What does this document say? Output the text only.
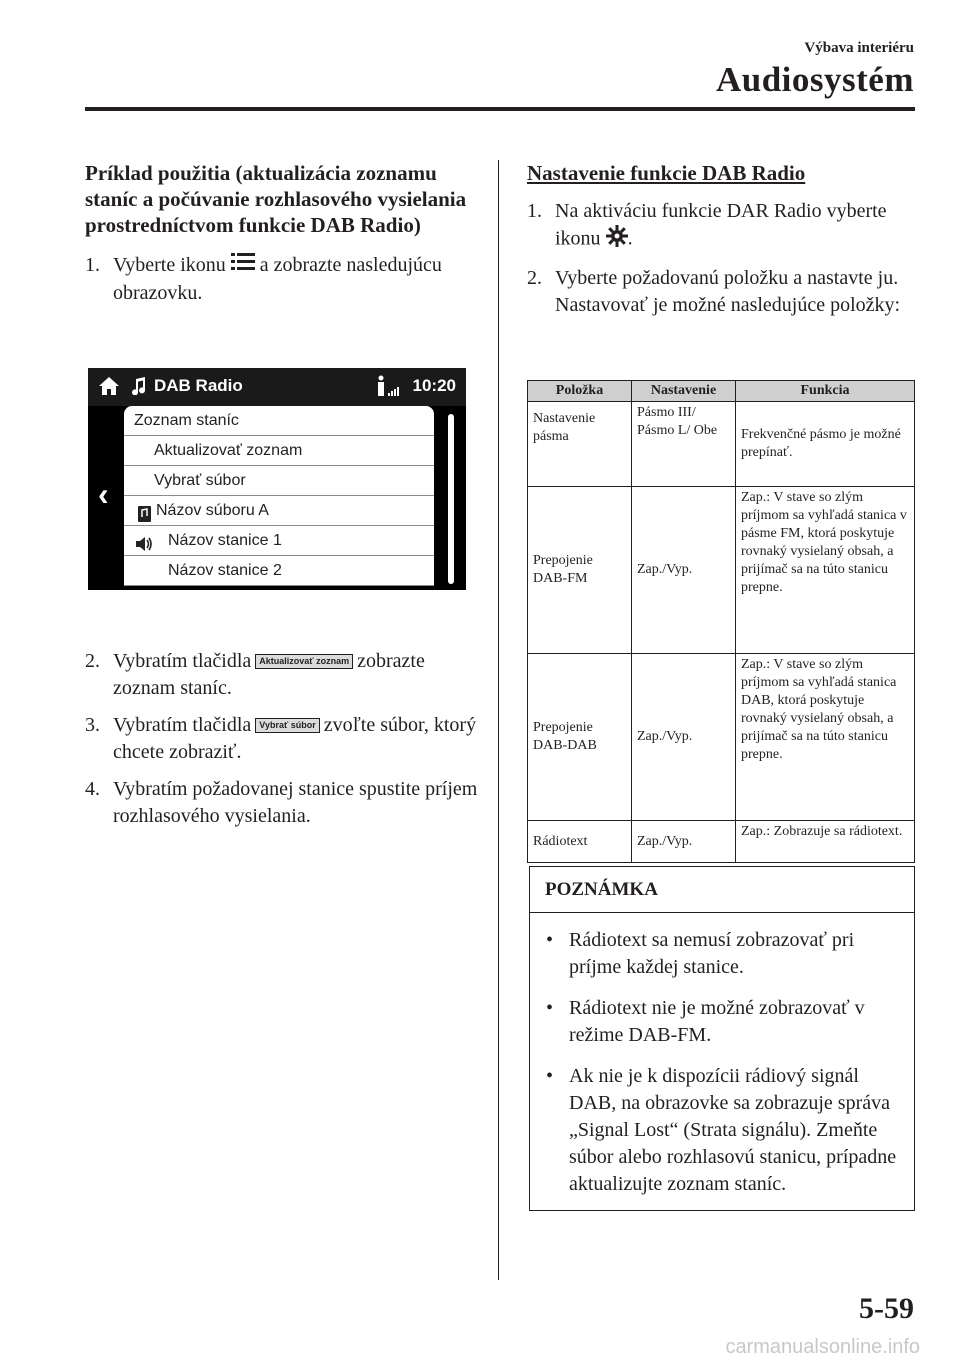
Výbava interiéru
Audiosystém
Príklad použitia (aktualizácia zoznamu staníc a počúvanie rozhlasového vysielania prostredníctvom funkcie DAB Radio)
1. Vyberte ikonu a zobrazte nasledujúcu obrazovku.
DAB Radio	10:20
‹
Zoznam staníc
Aktualizovať zoznam
Vybrať súbor
Názov súboru A
Názov stanice 1
Názov stanice 2
2. Vybratím tlačidla Aktualizovať zoznam zobrazte zoznam staníc.
3. Vybratím tlačidla Vybrať súbor zvoľte súbor, ktorý chcete zobraziť.
4. Vybratím požadovanej stanice spustite príjem rozhlasového vysielania.
Nastavenie funkcie DAB Radio
1. Na aktiváciu funkcie DAR Radio vyberte ikonu .
2. Vyberte požadovanú položku a nastavte ju.
Nastavovať je možné nasledujúce položky:
Položka	Nastavenie	Funkcia
Nastavenie pásma	Pásmo III/ Pásmo L/ Obe	Frekvenčné pásmo je možné prepínať.
Prepojenie DAB-FM	Zap./Vyp.	Zap.: V stave so zlým príjmom sa vyhľadá stanica v pásme FM, ktorá poskytuje rovnaký vysielaný obsah, a prijímač sa na túto stanicu prepne.
Prepojenie DAB-DAB	Zap./Vyp.	Zap.: V stave so zlým príjmom sa vyhľadá stanica DAB, ktorá poskytuje rovnaký vysielaný obsah, a prijímač sa na túto stanicu prepne.
Rádiotext	Zap./Vyp.	Zap.: Zobrazuje sa rádiotext.
POZNÁMKA
• Rádiotext sa nemusí zobrazovať pri príjme každej stanice.
• Rádiotext nie je možné zobrazovať v režime DAB-FM.
• Ak nie je k dispozícii rádiový signál DAB, na obrazovke sa zobrazuje správa „Signal Lost“ (Strata signálu). Zmeňte súbor alebo rozhlasovú stanicu, prípadne aktualizujte zoznam staníc.
5-59
carmanualsonline.info
